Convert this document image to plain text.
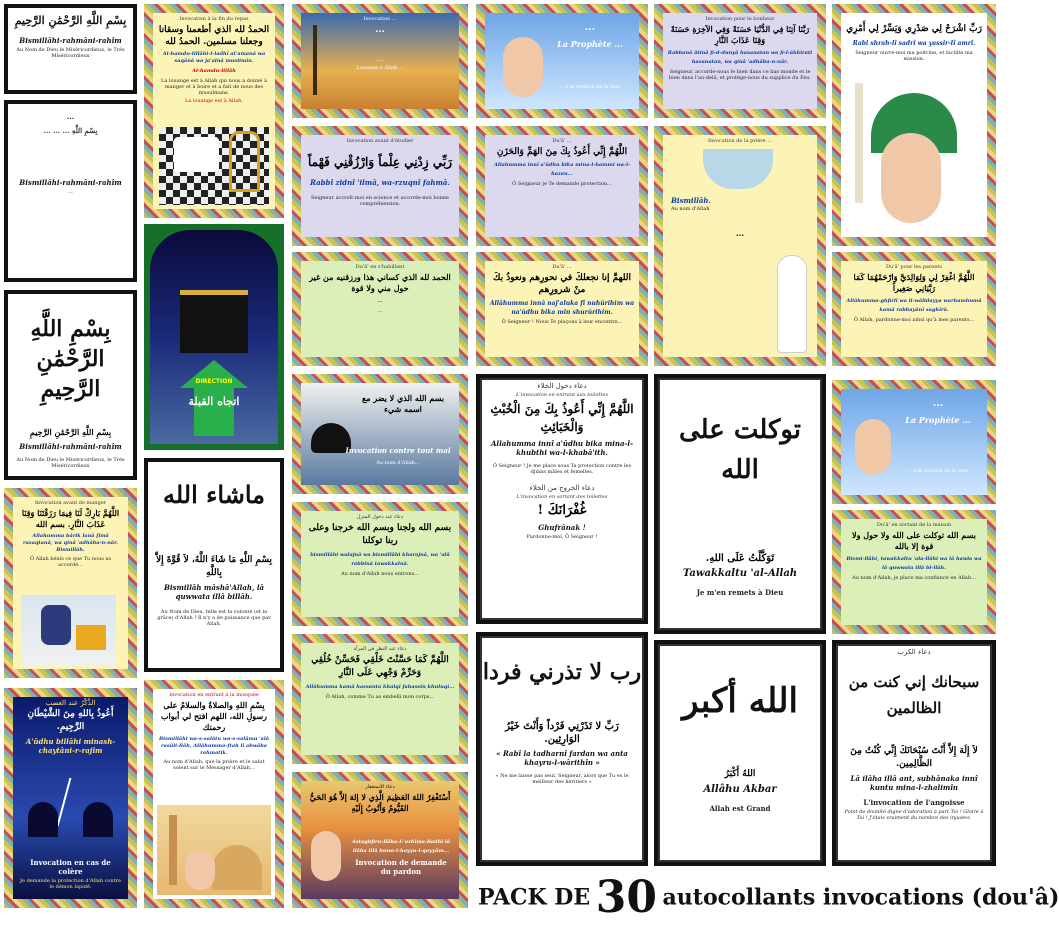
بِسْمِ اللَّهِ الرَّحْمَٰنِ الرَّحِيمِ
Bismillâhi-rahmâni-rahîm
Au Nom de Dieu le Miséricordieux, le Très Miséricordieux
...
بِسْمِ اللَّهِ … … …
Bismillâhi-rahmâni-rahîm
...
بِسْمِ اللَّهِ الرَّحْمَٰنِ الرَّحِيمِ
بِسْمِ اللَّهِ الرَّحْمَٰنِ الرَّحِيمِ
Bismillâhi-rahmâni-rahîm
Au Nom de Dieu le Miséricordieux, le Très Miséricordieux
Invocation avant de manger
اللَّهُمَّ بَارِكْ لَنَا فِيمَا رَزَقْتَنَا وَقِنَا عَذَابَ النَّارِ. بسم الله
Allahumma bârik lanâ fîmâ razaqtanâ, wa qinâ 'adhâba-n-nâr. Bismillâh.
Ô Allah bénis ce que Tu nous as accordé...
الذِّكْرُ عند الغضب
أَعُوذُ بِاللهِ مِنَ الشَّيْطَانِ الرَّجِيمِ.
A'ûdhu billâhi minash-chaytâni-r-rajîm
Invocation en cas de colère
Je demande la protection d'Allah contre le démon lapidé.
Invocation à la fin du repas
الحمدُ لله الذي أطعمنا وسقانا وجعلنا مسلمين. الحمدُ لله
Al-hamdu-lillâhi-l-ladhî at'amanâ wa saqânâ wa ja'alnâ muslimîn.
Al-hamdu-lillâh
La louange est à Allah qui nous a donné à manger et à boire et a fait de nous des musulmans.
La louange est à Allah.
DIRECTION
اتجاه القبلة
ماشاء الله
بِسْمِ اللَّهِ مَا شَاءَ اللَّهُ، لاَ قُوَّةَ إِلاَّ بِاللَّهِ
Bismillâh mâshâ'Allah, lâ quwwata illâ billâh.
Au Nom de Dieu, telle est la volonté (et la grâce) d'Allah ! Il n'y a de puissance que par Allah.
Invocation en entrant à la mosquée
بِسْمِ اللهِ والصلاةُ والسلامُ على رسولِ الله، اللهم افتح لي أبواب رحمتك
Bismillâhi wa-s-salâtu wa-s-salâmu 'alâ rasûli-llâh, Allâhumma-ftah lî abwâba rahmatik.
Au nom d'Allah, que la prière et le salut soient sur le Messager d'Allah...
Invocation ...
...
...
Louange à Allah ...
Invocation avant d'étudier
رَبِّي زِدْنِي عِلْماً وَارْزُقْنِي فَهْماً
Rabbî zidnî 'ilmâ, wa-rzuqnî fahmâ.
Seigneur accroît-moi en science et accorde-moi bonne compréhension.
Du'â' en s'habillant
الحمد لله الذي كساني هذا ورزقنيه من غير حول مني ولا قوة
...
...
بسم الله الذي لا يضر مع اسمه شيء
Invocation contre tout mal
Au nom d'Allah...
دعاء عند دخول المنزل
بسم الله ولجنا وبسم الله خرجنا وعلى ربنا توكلنا
bismillâhi walajnâ wa bismillâhi kharajnâ, wa 'alâ rabbinâ tawakkalnâ.
Au nom d'Allah nous entrons...
دعاء عند النظر في المرآة
اللَّهُمَّ كَمَا حَسَّنْتَ خَلْقِي فَحَسِّنْ خُلُقِي وَحَرِّمْ وَجْهِي عَلَى النَّارِ
Allâhumma kamâ hassanta khalqî fahassin khuluqî...
Ô Allah, comme Tu as embelli mon corps...
دعاء الاستغفار
أَسْتَغْفِرُ اللهَ العَظِيمَ الَّذِي لا إلهَ إلاَّ هُوَ الحَيُّ القَيُّومُ وَأَتُوبُ إِلَيْهِ
Astaghfiru-llâha-l-'azhîma-lladhî lâ ilâha illâ huwa-l-hayyu-l-qayyûm...
Invocation de demande du pardon
...
La Prophète ...
... à la surface de la mer.
Du'â' ...
اللَّهُمَّ إِنِّي أَعُوذُ بِكَ مِنَ الهَمِّ وَالحَزَنِ
Allahumma innî a'ûdhu bika mina-l-hammi wa-l-hazan...
Ô Seigneur je Te demande protection...
Du'â' ...
اللهمَّ إنا نجعلكَ في نحورِهم ونعوذُ بكَ منْ شرورِهم
Allâhumma innâ naj'aluka fî nuhûrihim wa na'ûdhu bika min shurûrihim.
Ô Seigneur ! Nous Te plaçons à leur encontre...
دعاء دخول الخلاء
L'invocation en entrant aux toilettes
اللَّهُمَّ إِنِّي أَعُوذُ بِكَ مِنَ الْخُبْثِ وَالْخَبَائِثِ
Allahumma innî a'ûdhu bika mina-l-khubthi wa-l-khabâ'ith.
Ô Seigneur ! Je me place sous Ta protection contre les djinns mâles et femelles.
دعاء الخروج من الخلاء
L'invocation en sortant des toilettes
غُفْرَانَكَ !
Ghufrânak !
Pardonne-moi, Ô Seigneur !
رب لا تذرني فردا
رَبِّ لا تَذَرْنِي فَرْداً وَأَنْتَ خَيْرُ الوَارِثِين.
« Rabî la tadharnî fardan wa anta khayru-l-wârithîn »
« Ne me laisse pas seul, Seigneur, alors que Tu es le meilleur des héritiers »
Invocation pour le bonheur
رَبَّنَا آتِنَا فِي الدُّنْيَا حَسَنَةً وَفِي الآخِرَةِ حَسَنَةً وَقِنَا عَذَابَ النَّارِ
Rabbanâ âtinâ fi-d-dunyâ hasanatan wa fi-l-âkhirati hasanatan, wa qinâ 'adhâba-n-nâr.
Seigneur, accorde-nous le bien dans ce bas monde et le bien dans l'au-delà, et protège-nous du supplice du Feu.
Invocation de la prière ...
Bismillâh.
Au nom d'Allah
...
توكلت على الله
تَوَكَّلْتُ عَلَى اللهِ.
Tawakkaltu 'al-Allah
Je m'en remets à Dieu
الله أكبر
اللهُ أَكْبَرُ
Allâhu Akbar
Allah est Grand
رَبِّ اشْرَحْ لِي صَدْرِي وَيَسِّرْ لِي أَمْرِي
Rabi shrah-lî sadrî wa yassir-lî amrî.
Seigneur ouvre-moi ma poitrine, et facilite ma mission.
Du'â' pour les parents
اللَّهُمَّ اغْفِرْ لِي وَلِوَالِدَيَّ وَارْحَمْهُمَا كَمَا رَبَّيَانِي صَغِيراً
Allâhumma-ghfirlî wa li-wâlidayya warhamhumâ kamâ rabbayânî saghîrâ.
Ô Allah, pardonne-moi ainsi qu'à mes parents...
...
La Prophète ...
... à la surface de la mer.
Du'â' en sortant de la maison
بسم الله توكلت على الله ولا حول ولا قوة إلا بالله
Bismi-llâhi, tawakkaltu 'ala-llâhi wa lâ hawla wa lâ quwwata illâ bi-llâh.
Au nom d'Allah, je place ma confiance en Allah...
دعاء الكرب
سبحانك إني كنت من الظالمين
لاَ إِلَهَ إِلاَّ أَنْتَ سُبْحَانَكَ إِنِّي كُنْتُ مِنَ الظَّالِمِين.
Lâ ilâha illâ ant, subhânaka innî kuntu mina-l-zhalimîn
L'invocation de l'angoisse
Point de divinité digne d'adoration à part Toi ! Gloire à Toi ! J'étais vraiment du nombre des injustes.
PACK DE 30 autocollants invocations (dou'â)
